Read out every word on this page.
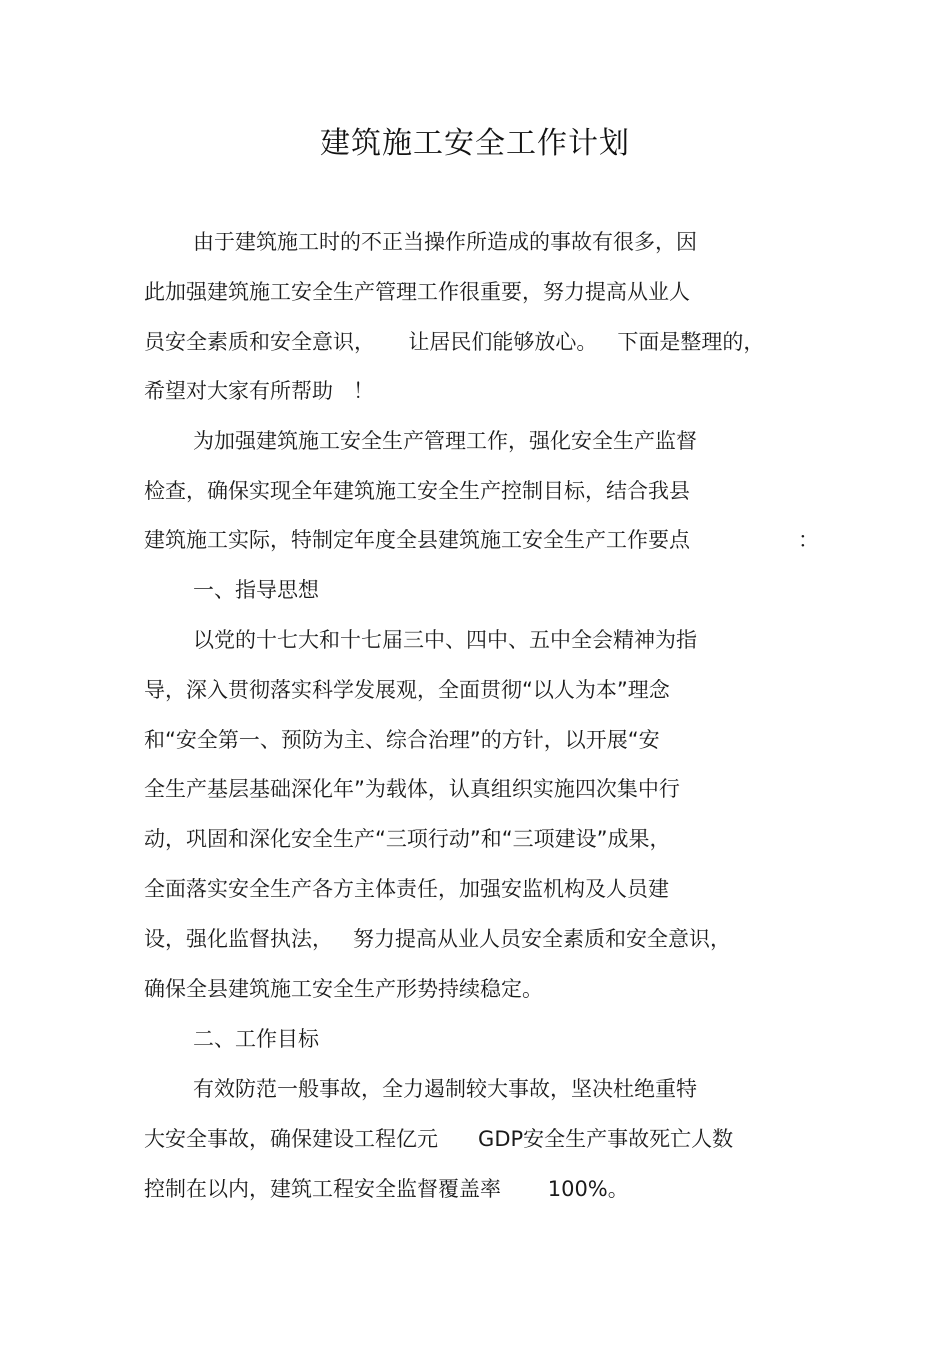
建筑施工安全工作计划
由于建筑施工时的不正当操作所造成的事故有很多，因
此加强建筑施工安全生产管理工作很重要，努力提高从业人
员安全素质和安全意识，     让居民们能够放心。   下面是整理的，
希望对大家有所帮助   ！
为加强建筑施工安全生产管理工作，强化安全生产监督
检查，确保实现全年建筑施工安全生产控制目标，结合我县
建筑施工实际，特制定年度全县建筑施工安全生产工作要点	：
一、指导思想
以党的十七大和十七届三中、四中、五中全会精神为指
导，深入贯彻落实科学发展观，全面贯彻“以人为本”理念
和“安全第一、预防为主、综合治理”的方针，以开展“安
全生产基层基础深化年”为载体，认真组织实施四次集中行
动，巩固和深化安全生产“三项行动”和“三项建设”成果，
全面落实安全生产各方主体责任，加强安监机构及人员建
设，强化监督执法，   努力提高从业人员安全素质和安全意识，
确保全县建筑施工安全生产形势持续稳定。
二、工作目标
有效防范一般事故，全力遏制较大事故，坚决杜绝重特
大安全事故，确保建设工程亿元      GDP安全生产事故死亡人数
控制在以内，建筑工程安全监督覆盖率       100%。
